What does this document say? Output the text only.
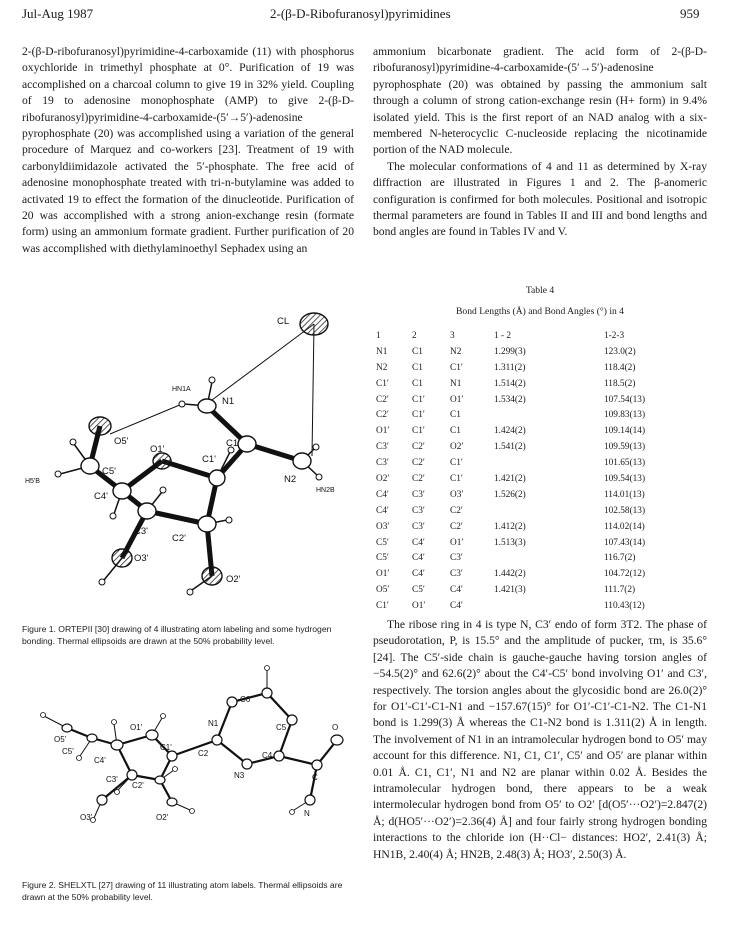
Jul-Aug 1987	2-(β-D-Ribofuranosyl)pyrimidines	959

2-(β-D-ribofuranosyl)pyrimidine-4-carboxamide (11) with phosphorus oxychloride in trimethyl phosphate at 0°. Purification of 19 was accomplished on a charcoal column to give 19 in 32% yield. Coupling of 19 to adenosine monophosphate (AMP) to give 2-(β-D-ribofuranosyl)pyrimidine-4-carboxamide-(5′→5′)-adenosine pyrophosphate (20) was accomplished using a variation of the general procedure of Marquez and co-workers [23]. Treatment of 19 with carbonyldiimidazole activated the 5′-phosphate. The free acid of adenosine monophosphate treated with tri-n-butylamine was added to activated 19 to effect the formation of the dinucleotide. Purification of 20 was accomplished with a strong anion-exchange resin (formate form) using an ammonium formate gradient. Further purification of 20 was accomplished with diethylaminoethyl Sephadex using an

ammonium bicarbonate gradient. The acid form of 2-(β-D-ribofuranosyl)pyrimidine-4-carboxamide-(5′→5′)-adenosine pyrophosphate (20) was obtained by passing the ammonium salt through a column of strong cation-exchange resin (H+ form) in 9.4% isolated yield. This is the first report of an NAD analog with a six-membered N-heterocyclic C-nucleoside replacing the nicotinamide portion of the NAD molecule.

The molecular conformations of 4 and 11 as determined by X-ray diffraction are illustrated in Figures 1 and 2. The β-anomeric configuration is confirmed for both molecules. Positional and isotropic thermal parameters are found in Tables II and III and bond lengths and bond angles are found in Tables IV and V.

CL
HN1A
N1
O5'
C5'
O1'
C1
C1'
N2
HN2B
H5'B
C4'
C3'
C2'
O3'
O2'
Figure 1. ORTEPII [30] drawing of 4 illustrating atom labeling and some hydrogen bonding. Thermal ellipsoids are drawn at the 50% probability level.
O5'
C5'
C4'
O1'
C1'
C3'
C2'
O3'	O2'
N1
C6
C5
C2
N3
C4
C
O
N
Figure 2. SHELXTL [27] drawing of 11 illustrating atom labels. Thermal ellipsoids are drawn at the 50% probability level.
Table 4
Bond Lengths (Å) and Bond Angles (°) in 4
1	2	3	1 - 2	1-2-3
N1	C1	N2	1.299(3)	123.0(2)
N2	C1	C1′	1.311(2)	118.4(2)
C1′	C1	N1	1.514(2)	118.5(2)
C2′	C1′	O1′	1.534(2)	107.54(13)
C2′	C1′	C1		109.83(13)
O1′	C1′	C1	1.424(2)	109.14(14)
C3′	C2′	O2′	1.541(2)	109.59(13)
C3′	C2′	C1′		101.65(13)
O2′	C2′	C1′	1.421(2)	109.54(13)
C4′	C3′	O3′	1.526(2)	114.01(13)
C4′	C3′	C2′		102.58(13)
O3′	C3′	C2′	1.412(2)	114.02(14)
C5′	C4′	O1′	1.513(3)	107.43(14)
C5′	C4′	C3′		116.7(2)
O1′	C4′	C3′	1.442(2)	104.72(12)
O5′	C5′	C4′	1.421(3)	111.7(2)
C1′	O1′	C4′		110.43(12)

The ribose ring in 4 is type N, C3′ endo of form 3T2. The phase of pseudorotation, P, is 15.5° and the amplitude of pucker, τm, is 35.6° [24]. The C5′-side chain is gauche-gauche having torsion angles of −54.5(2)° and 62.6(2)° about the C4′-C5′ bond involving O1′ and C3′, respectively. The torsion angles about the glycosidic bond are 26.0(2)° for O1′-C1′-C1-N1 and −157.67(15)° for O1′-C1′-C1-N2. The C1-N1 bond is 1.299(3) Å whereas the C1-N2 bond is 1.311(2) Å in length. The involvement of N1 in an intramolecular hydrogen bond to O5′ may account for this difference. N1, C1, C1′, C5′ and O5′ are planar within 0.01 Å. C1, C1′, N1 and N2 are planar within 0.02 Å. Besides the intramolecular hydrogen bond, there appears to be a weak intermolecular hydrogen bond from O5′ to O2′ [d(O5′···O2′)=2.847(2) Å; d(HO5′···O2′)=2.36(4) Å] and four fairly strong hydrogen bonding interactions to the chloride ion (H··Cl− distances: HO2′, 2.41(3) Å; HN1B, 2.40(4) Å; HN2B, 2.48(3) Å; HO3′, 2.50(3) Å.
